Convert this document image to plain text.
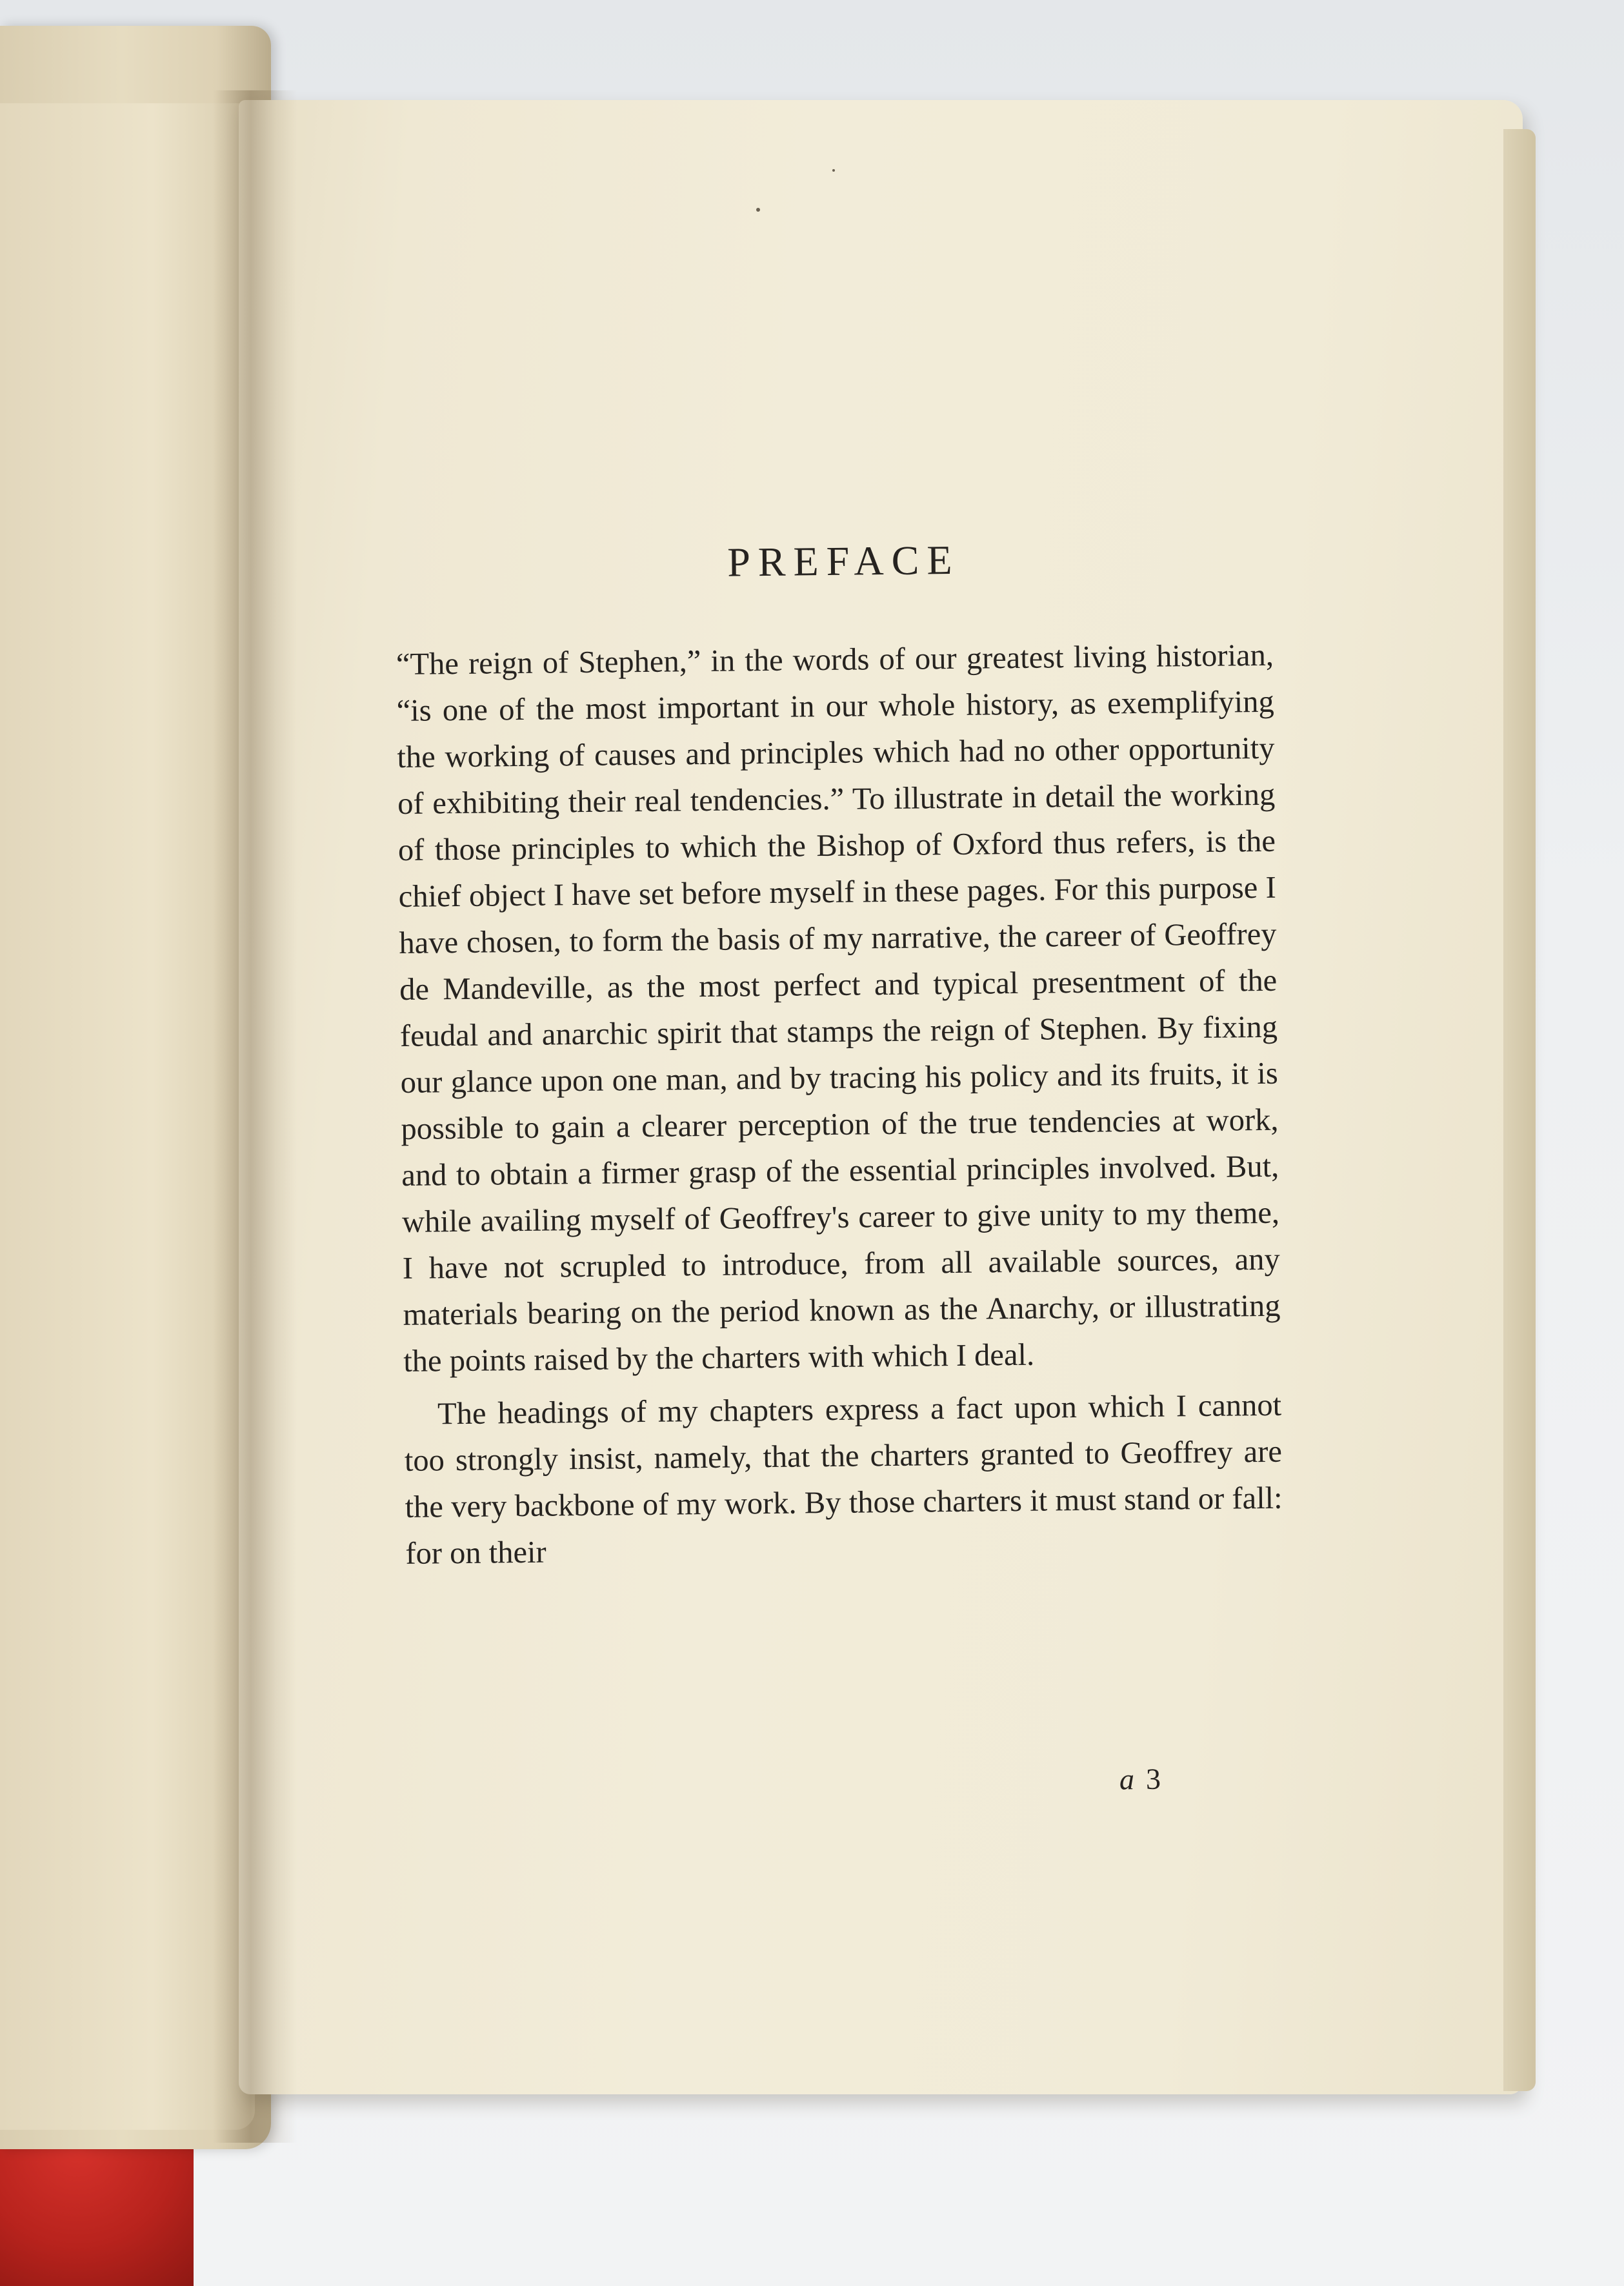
PREFACE

“The reign of Stephen,” in the words of our greatest living historian, “is one of the most important in our whole history, as exemplifying the working of causes and principles which had no other opportunity of exhibiting their real tendencies.” To illustrate in detail the working of those principles to which the Bishop of Oxford thus refers, is the chief object I have set before myself in these pages. For this purpose I have chosen, to form the basis of my narrative, the career of Geoffrey de Mandeville, as the most perfect and typical presentment of the feudal and anarchic spirit that stamps the reign of Stephen. By fixing our glance upon one man, and by tracing his policy and its fruits, it is possible to gain a clearer perception of the true tendencies at work, and to obtain a firmer grasp of the essential principles involved. But, while availing myself of Geoffrey's career to give unity to my theme, I have not scrupled to introduce, from all available sources, any materials bearing on the period known as the Anarchy, or illustrating the points raised by the charters with which I deal.

The headings of my chapters express a fact upon which I cannot too strongly insist, namely, that the charters granted to Geoffrey are the very backbone of my work. By those charters it must stand or fall: for on their

a 3
